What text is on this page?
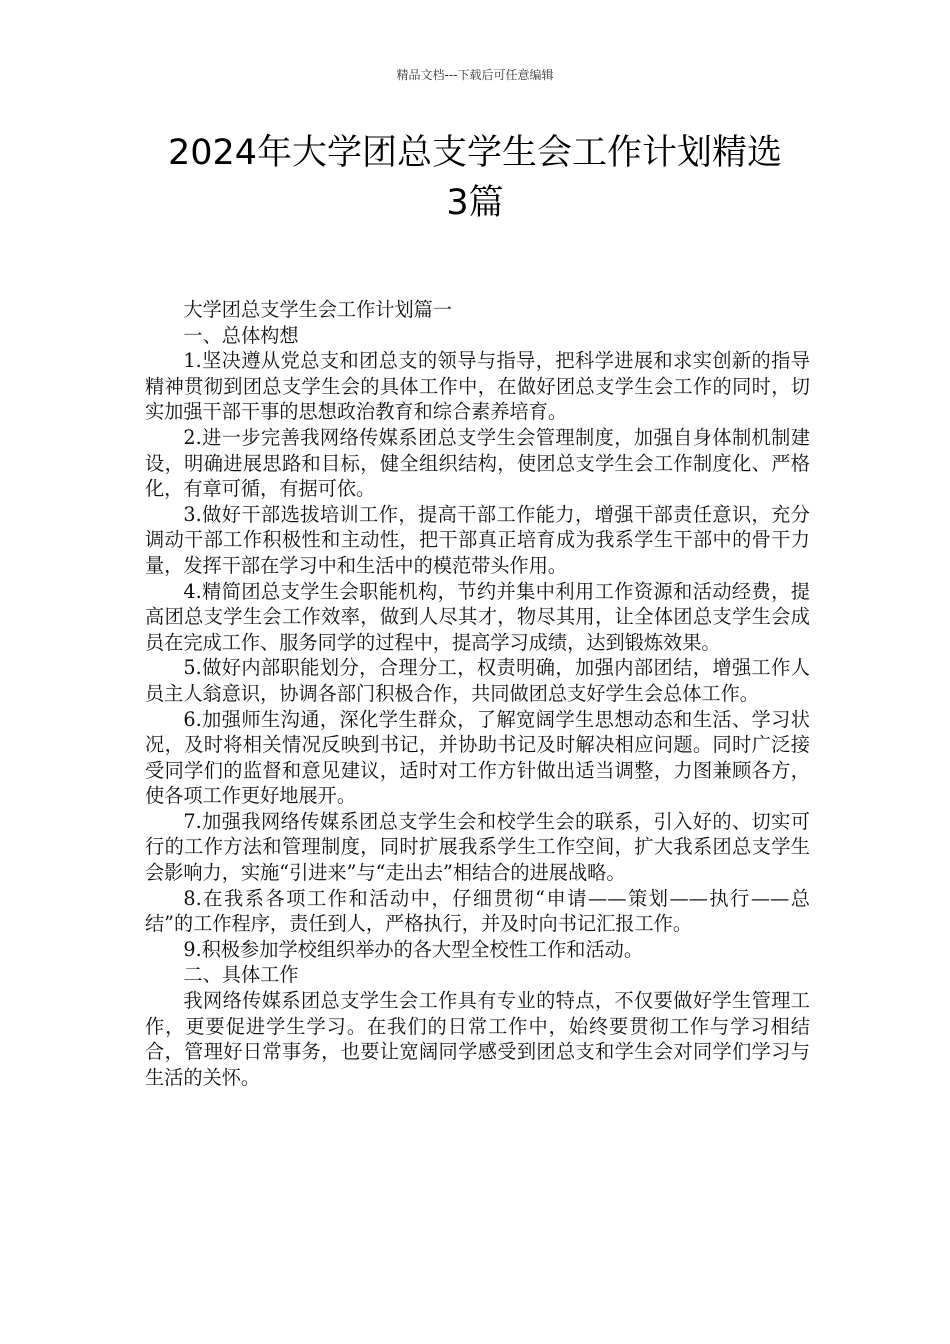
精品文档---下载后可任意编辑
2024年大学团总支学生会工作计划精选
3篇

大学团总支学生会工作计划篇一

一、总体构想

1.坚决遵从党总支和团总支的领导与指导，把科学进展和求实创新的指导精神贯彻到团总支学生会的具体工作中，在做好团总支学生会工作的同时，切实加强干部干事的思想政治教育和综合素养培育。

2.进一步完善我网络传媒系团总支学生会管理制度，加强自身体制机制建设，明确进展思路和目标，健全组织结构，使团总支学生会工作制度化、严格化，有章可循，有据可依。

3.做好干部选拔培训工作，提高干部工作能力，增强干部责任意识，充分调动干部工作积极性和主动性，把干部真正培育成为我系学生干部中的骨干力量，发挥干部在学习中和生活中的模范带头作用。

4.精简团总支学生会职能机构，节约并集中利用工作资源和活动经费，提高团总支学生会工作效率，做到人尽其才，物尽其用，让全体团总支学生会成员在完成工作、服务同学的过程中，提高学习成绩，达到锻炼效果。

5.做好内部职能划分，合理分工，权责明确，加强内部团结，增强工作人员主人翁意识，协调各部门积极合作，共同做团总支好学生会总体工作。

6.加强师生沟通，深化学生群众，了解宽阔学生思想动态和生活、学习状况，及时将相关情况反映到书记，并协助书记及时解决相应问题。同时广泛接受同学们的监督和意见建议，适时对工作方针做出适当调整，力图兼顾各方，使各项工作更好地展开。

7.加强我网络传媒系团总支学生会和校学生会的联系，引入好的、切实可行的工作方法和管理制度，同时扩展我系学生工作空间，扩大我系团总支学生会影响力，实施“引进来”与“走出去”相结合的进展战略。

8.在我系各项工作和活动中，仔细贯彻“申请——策划——执行——总结”的工作程序，责任到人，严格执行，并及时向书记汇报工作。

9.积极参加学校组织举办的各大型全校性工作和活动。

二、具体工作

我网络传媒系团总支学生会工作具有专业的特点，不仅要做好学生管理工作，更要促进学生学习。在我们的日常工作中，始终要贯彻工作与学习相结合，管理好日常事务，也要让宽阔同学感受到团总支和学生会对同学们学习与生活的关怀。
